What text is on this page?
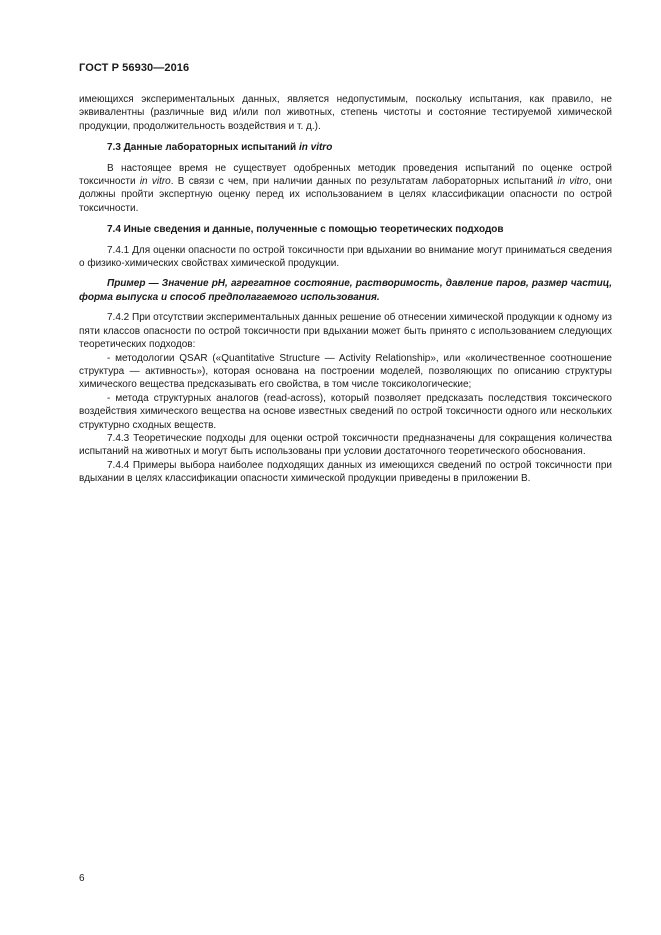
ГОСТ Р 56930—2016

имеющихся экспериментальных данных, является недопустимым, поскольку испытания, как правило, не эквивалентны (различные вид и/или пол животных, степень чистоты и состояние тестируемой химической продукции, продолжительность воздействия и т. д.).

7.3 Данные лабораторных испытаний in vitro

В настоящее время не существует одобренных методик проведения испытаний по оценке острой токсичности in vitro. В связи с чем, при наличии данных по результатам лабораторных испытаний in vitro, они должны пройти экспертную оценку перед их использованием в целях классификации опасности по острой токсичности.

7.4 Иные сведения и данные, полученные с помощью теоретических подходов

7.4.1 Для оценки опасности по острой токсичности при вдыхании во внимание могут приниматься сведения о физико-химических свойствах химической продукции.

Пример — Значение pH, агрегатное состояние, растворимость, давление паров, размер частиц, форма выпуска и способ предполагаемого использования.

7.4.2 При отсутствии экспериментальных данных решение об отнесении химической продукции к одному из пяти классов опасности по острой токсичности при вдыхании может быть принято с использованием следующих теоретических подходов:

- методологии QSAR («Quantitative Structure — Activity Relationship», или «количественное соотношение структура — активность»), которая основана на построении моделей, позволяющих по описанию структуры химического вещества предсказывать его свойства, в том числе токсикологические;

- метода структурных аналогов (read-across), который позволяет предсказать последствия токсического воздействия химического вещества на основе известных сведений по острой токсичности одного или нескольких структурно сходных веществ.

7.4.3 Теоретические подходы для оценки острой токсичности предназначены для сокращения количества испытаний на животных и могут быть использованы при условии достаточного теоретического обоснования.

7.4.4 Примеры выбора наиболее подходящих данных из имеющихся сведений по острой токсичности при вдыхании в целях классификации опасности химической продукции приведены в приложении В.

6
